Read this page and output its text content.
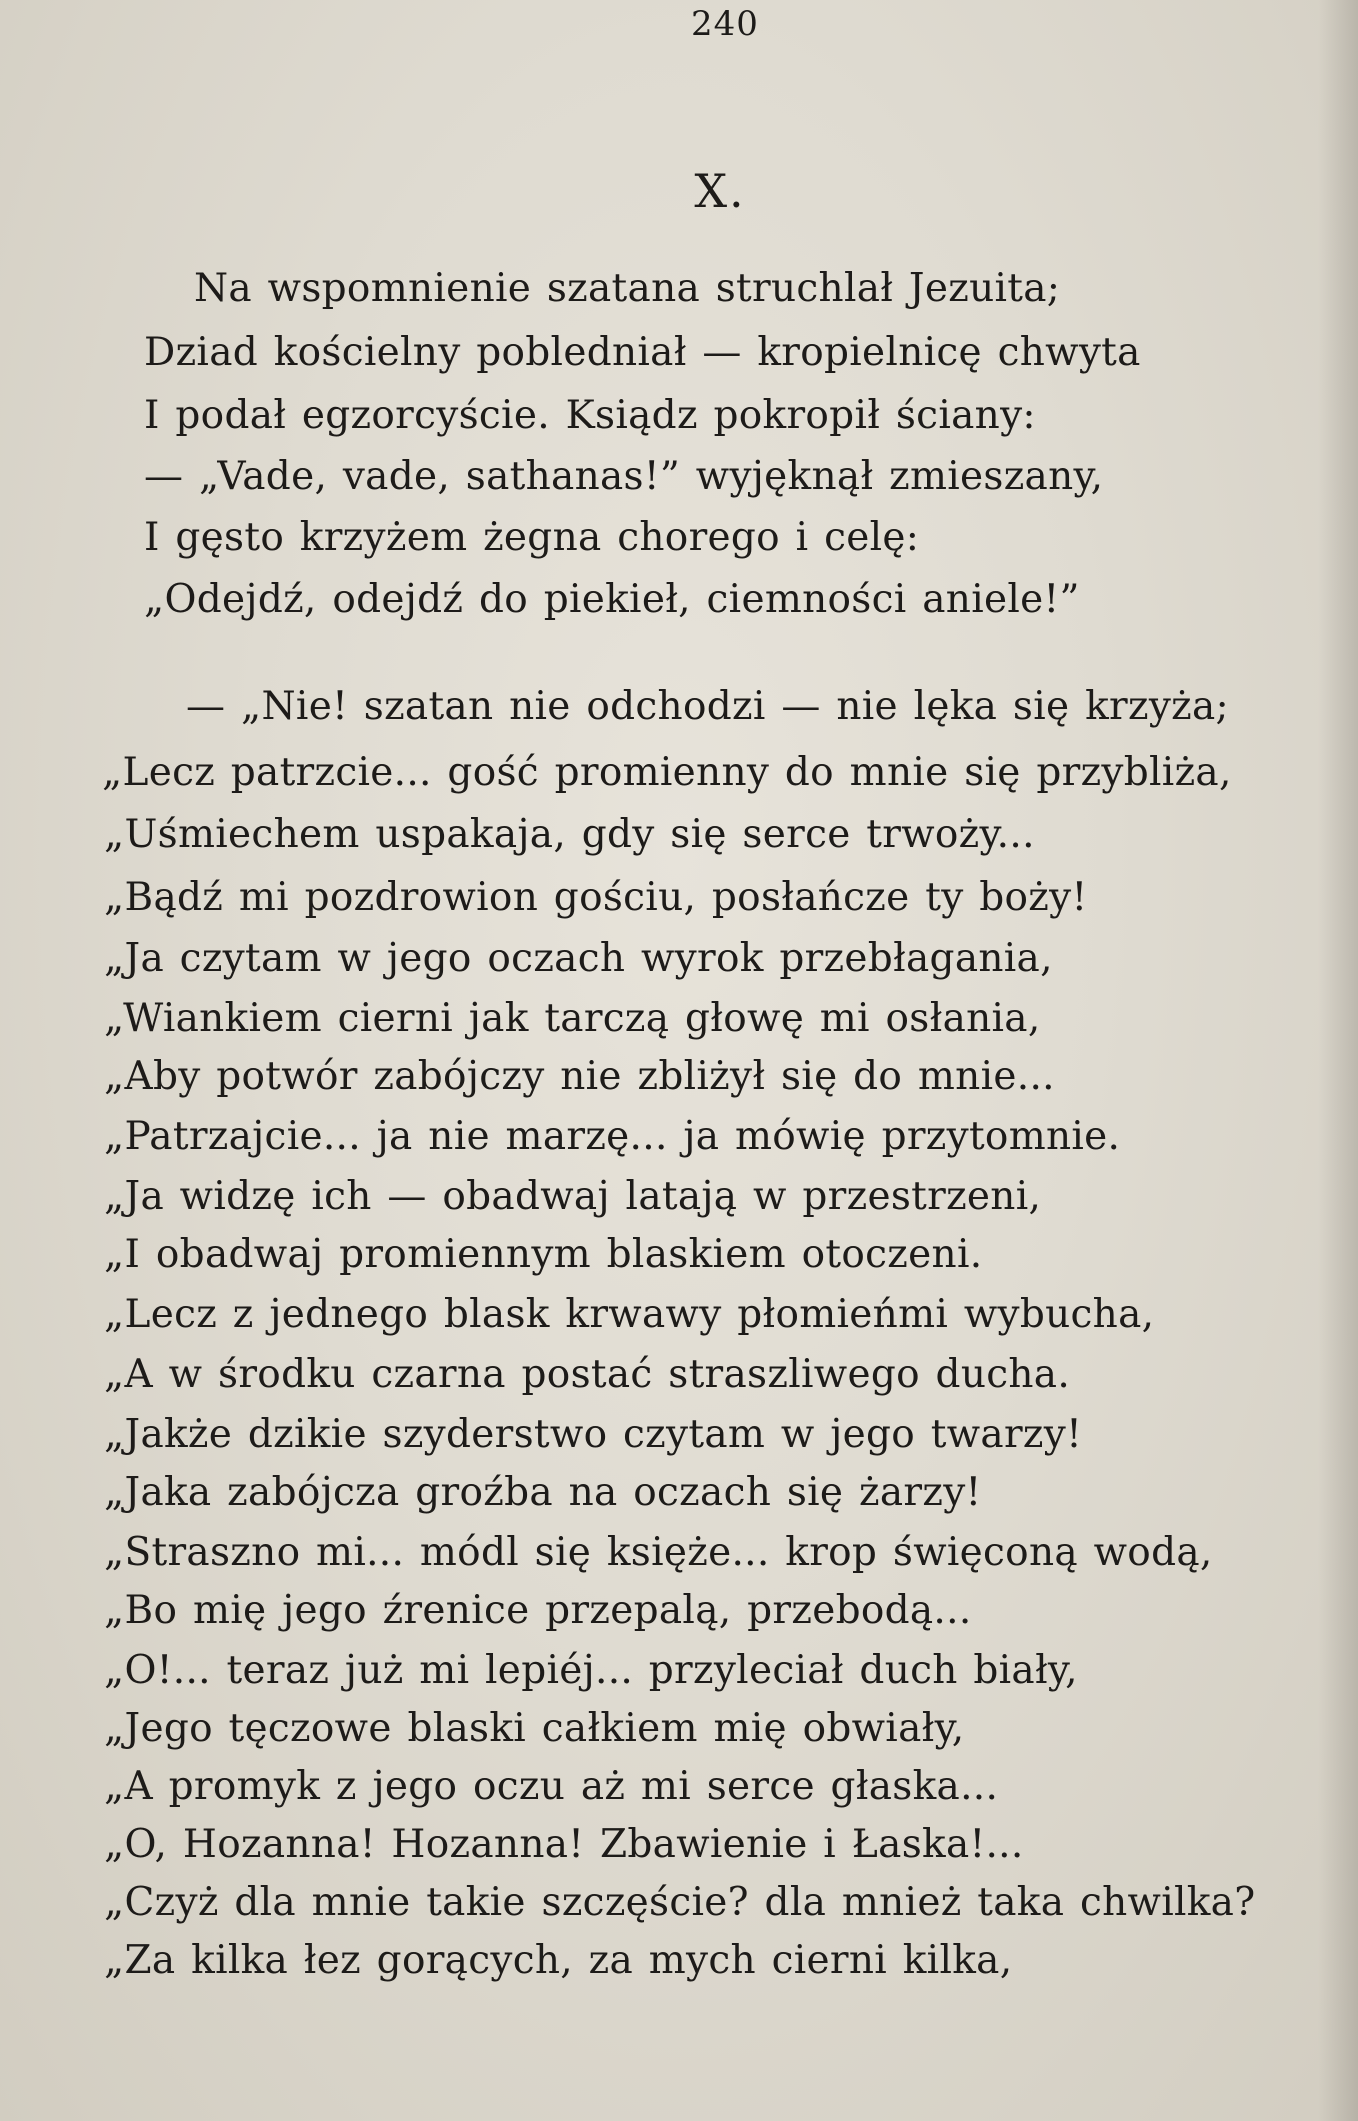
240
X.
Na wspomnienie szatana struchlał Jezuita;
Dziad kościelny pobledniał — kropielnicę chwyta
I podał egzorcyście. Ksiądz pokropił ściany:
— „Vade, vade, sathanas!” wyjęknął zmieszany,
I gęsto krzyżem żegna chorego i celę:
„Odejdź, odejdź do piekieł, ciemności aniele!”
— „Nie! szatan nie odchodzi — nie lęka się krzyża;
„Lecz patrzcie... gość promienny do mnie się przybliża,
„Uśmiechem uspakaja, gdy się serce trwoży...
„Bądź mi pozdrowion gościu, posłańcze ty boży!
„Ja czytam w jego oczach wyrok przebłagania,
„Wiankiem cierni jak tarczą głowę mi osłania,
„Aby potwór zabójczy nie zbliżył się do mnie...
„Patrzajcie... ja nie marzę... ja mówię przytomnie.
„Ja widzę ich — obadwaj latają w przestrzeni,
„I obadwaj promiennym blaskiem otoczeni.
„Lecz z jednego blask krwawy płomieńmi wybucha,
„A w środku czarna postać straszliwego ducha.
„Jakże dzikie szyderstwo czytam w jego twarzy!
„Jaka zabójcza groźba na oczach się żarzy!
„Straszno mi... módl się księże... krop święconą wodą,
„Bo mię jego źrenice przepalą, przebodą...
„O!... teraz już mi lepiéj... przyleciał duch biały,
„Jego tęczowe blaski całkiem mię obwiały,
„A promyk z jego oczu aż mi serce głaska...
„O, Hozanna! Hozanna! Zbawienie i Łaska!...
„Czyż dla mnie takie szczęście? dla mnież taka chwilka?
„Za kilka łez gorących, za mych cierni kilka,
